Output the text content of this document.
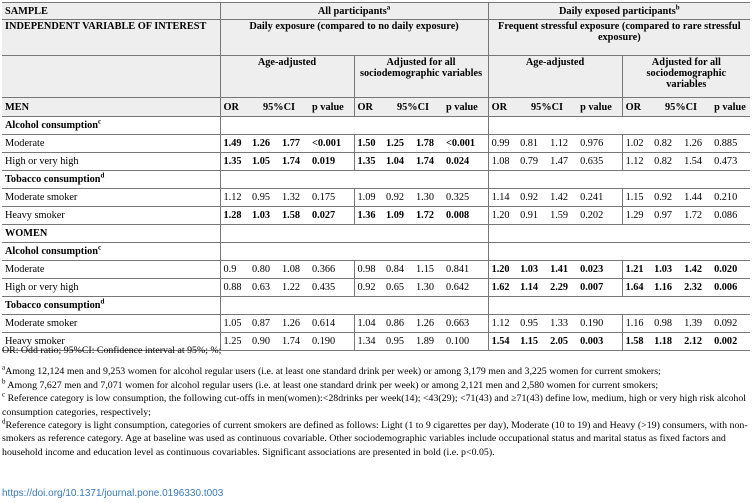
SAMPLE	All participants$^a$								Daily exposed participants$^b$
INDEPENDENT VARIABLE OF INTEREST	Daily exposure (compared to no daily exposure)								Frequent stressful exposure (compared to rare stressful exposure)							
	Age-adjusted				Adjusted for all sociodemographic variables				Age-adjusted				Adjusted for all sociodemographic variables			
MEN	OR	95%CI		p value	OR	95%CI		p value	OR	95%CI		p value	OR	95%CI		p value
Alcohol consumption$^c$		
Moderate	1.49	1.26	1.77	<0.001	1.50	1.25	1.78	<0.001	0.99	0.81	1.12	0.976	1.02	0.82	1.26	0.885
High or very high	1.35	1.05	1.74	0.019	1.35	1.04	1.74	0.024	1.08	0.79	1.47	0.635	1.12	0.82	1.54	0.473
Tobacco consumption$^d$		
Moderate smoker	1.12	0.95	1.32	0.175	1.09	0.92	1.30	0.325	1.14	0.92	1.42	0.241	1.15	0.92	1.44	0.210
Heavy smoker	1.28	1.03	1.58	0.027	1.36	1.09	1.72	0.008	1.20	0.91	1.59	0.202	1.29	0.97	1.72	0.086
WOMEN																
Alcohol consumption$^c$		
Moderate	0.9	0.80	1.08	0.366	0.98	0.84	1.15	0.841	1.20	1.03	1.41	0.023	1.21	1.03	1.42	0.020
High or very high	0.88	0.63	1.22	0.435	0.92	0.65	1.30	0.642	1.62	1.14	2.29	0.007	1.64	1.16	2.32	0.006
Tobacco consumption$^d$		
Moderate smoker	1.05	0.87	1.26	0.614	1.04	0.86	1.26	0.663	1.12	0.95	1.33	0.190	1.16	0.98	1.39	0.092
Heavy smoker	1.25	0.90	1.74	0.190	1.34	0.95	1.89	0.100	1.54	1.15	2.05	0.003	1.58	1.18	2.12	0.002

OR: Odd ratio; 95%CI: Confidence interval at 95%; %;

$^a$Among 12,124 men and 9,253 women for alcohol regular users (i.e. at least one standard drink per week) or among 3,179 men and 3,225 women for current smokers;

$^b$ Among 7,627 men and 7,071 women for alcohol regular users (i.e. at least one standard drink per week) or among 2,121 men and 2,580 women for current smokers;

$^c$ Reference category is low consumption, the following cut-offs in men(women):<28drinks per week(14); <43(29); <71(43) and ≥71(43) define low, medium, high or very high risk alcohol consumption categories, respectively;

$^d$Reference category is light consumption, categories of current smokers are defined as follows: Light (1 to 9 cigarettes per day), Moderate (10 to 19) and Heavy (>19) consumers, with non-smokers as reference category. Age at baseline was used as continuous covariable. Other sociodemographic variables include occupational status and marital status as fixed factors and household income and education level as continuous covariables. Significant associations are presented in bold (i.e. p<0.05).

https://doi.org/10.1371/journal.pone.0196330.t003
